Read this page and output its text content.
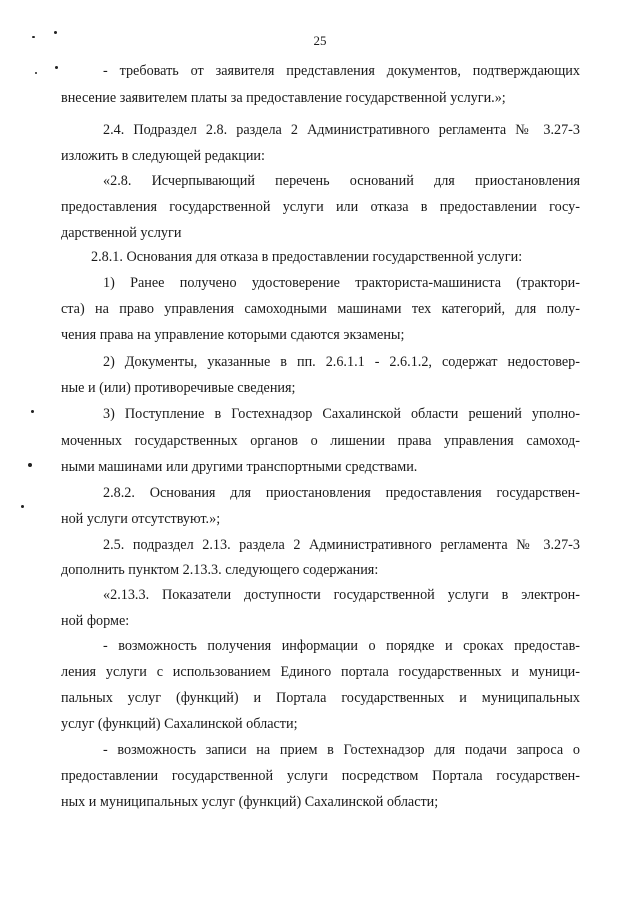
25
- требовать от заявителя представления документов, подтверждающих
внесение заявителем платы за предоставление государственной услуги.»;
2.4. Подраздел 2.8. раздела 2 Административного регламента № 3.27-3
изложить в следующей редакции:
«2.8. Исчерпывающий перечень оснований для приостановления
предоставления государственной услуги или отказа в предоставлении госу-
дарственной услуги
2.8.1. Основания для отказа в предоставлении государственной услуги:
1) Ранее получено удостоверение тракториста-машиниста (трактори-
ста) на право управления самоходными машинами тех категорий, для полу-
чения права на управление которыми сдаются экзамены;
2) Документы, указанные в пп. 2.6.1.1 - 2.6.1.2, содержат недостовер-
ные и (или) противоречивые сведения;
3) Поступление в Гостехнадзор Сахалинской области решений уполно-
моченных государственных органов о лишении права управления самоход-
ными машинами или другими транспортными средствами.
2.8.2. Основания для приостановления предоставления государствен-
ной услуги отсутствуют.»;
2.5. подраздел 2.13. раздела 2 Административного регламента № 3.27-3
дополнить пунктом 2.13.3. следующего содержания:
«2.13.3. Показатели доступности государственной услуги в электрон-
ной форме:
- возможность получения информации о порядке и сроках предостав-
ления услуги с использованием Единого портала государственных и муници-
пальных услуг (функций) и Портала государственных и муниципальных
услуг (функций) Сахалинской области;
- возможность записи на прием в Гостехнадзор для подачи запроса о
предоставлении государственной услуги посредством Портала государствен-
ных и муниципальных услуг (функций) Сахалинской области;
